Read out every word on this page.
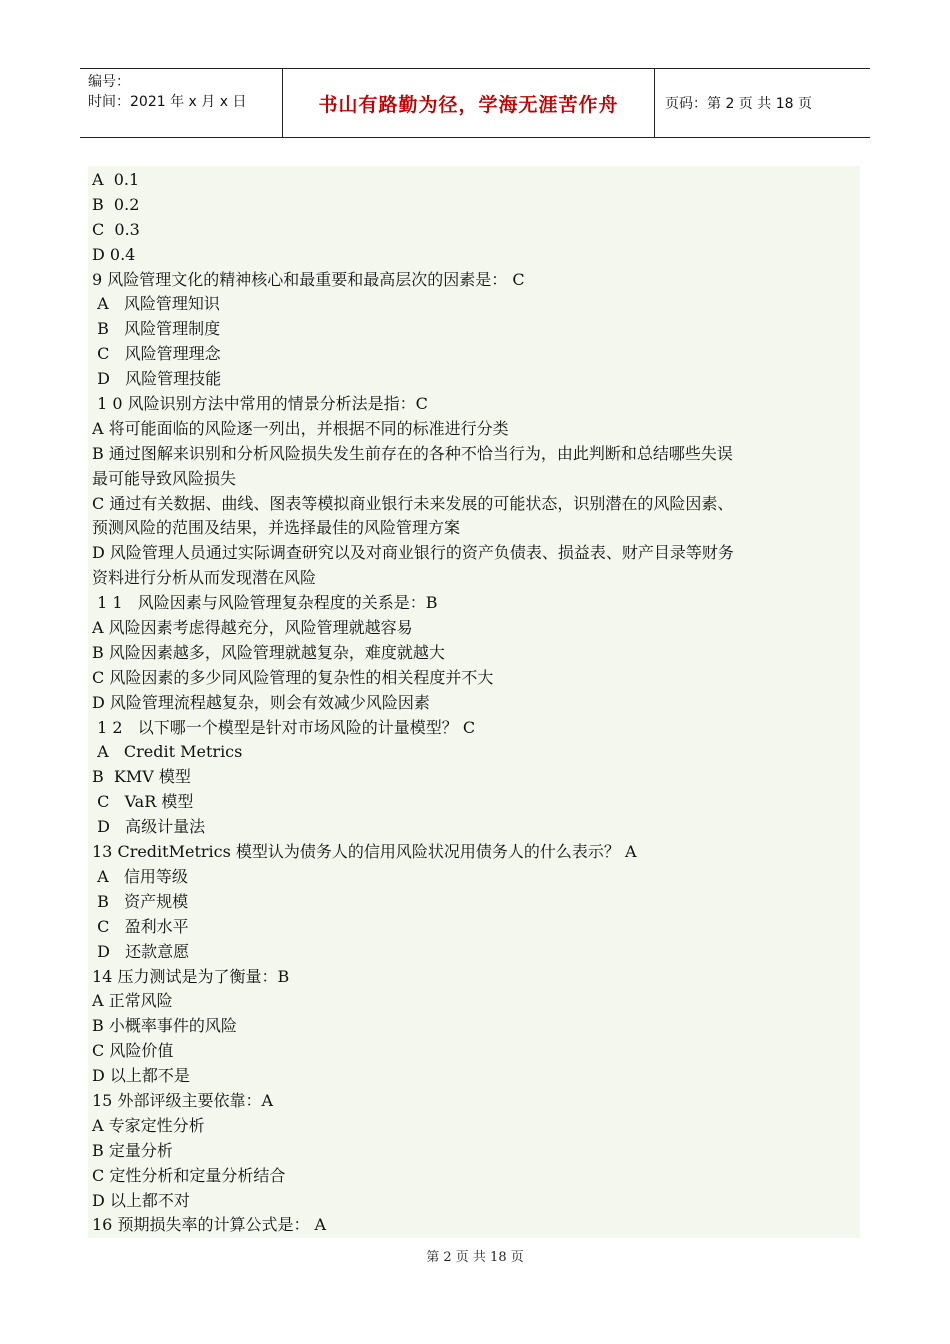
编号：
时间：2021 年 x 月 x 日	书山有路勤为径，学海无涯苦作舟	页码：第 2 页 共 18 页
A  0.1
B  0.2
C  0.3
D 0.4
9 风险管理文化的精神核心和最重要和最高层次的因素是： C
A   风险管理知识
B   风险管理制度
C   风险管理理念
D   风险管理技能
1 0 风险识别方法中常用的情景分析法是指：C
A 将可能面临的风险逐一列出，并根据不同的标准进行分类
B 通过图解来识别和分析风险损失发生前存在的各种不恰当行为，由此判断和总结哪些失误
最可能导致风险损失
C 通过有关数据、曲线、图表等模拟商业银行未来发展的可能状态，识别潜在的风险因素、
预测风险的范围及结果，并选择最佳的风险管理方案
D 风险管理人员通过实际调查研究以及对商业银行的资产负债表、损益表、财产目录等财务
资料进行分析从而发现潜在风险
1 1   风险因素与风险管理复杂程度的关系是：B
A 风险因素考虑得越充分，风险管理就越容易
B 风险因素越多，风险管理就越复杂，难度就越大
C 风险因素的多少同风险管理的复杂性的相关程度并不大
D 风险管理流程越复杂，则会有效减少风险因素
1 2   以下哪一个模型是针对市场风险的计量模型？ C
A   Credit Metrics
B  KMV 模型
C   VaR 模型
D   高级计量法
13 CreditMetrics 模型认为债务人的信用风险状况用债务人的什么表示？ A
A   信用等级
B   资产规模
C   盈利水平
D   还款意愿
14 压力测试是为了衡量：B
A 正常风险
B 小概率事件的风险
C 风险价值
D 以上都不是
15 外部评级主要依靠：A
A 专家定性分析
B 定量分析
C 定性分析和定量分析结合
D 以上都不对
16 预期损失率的计算公式是： A
第 2 页 共 18 页
